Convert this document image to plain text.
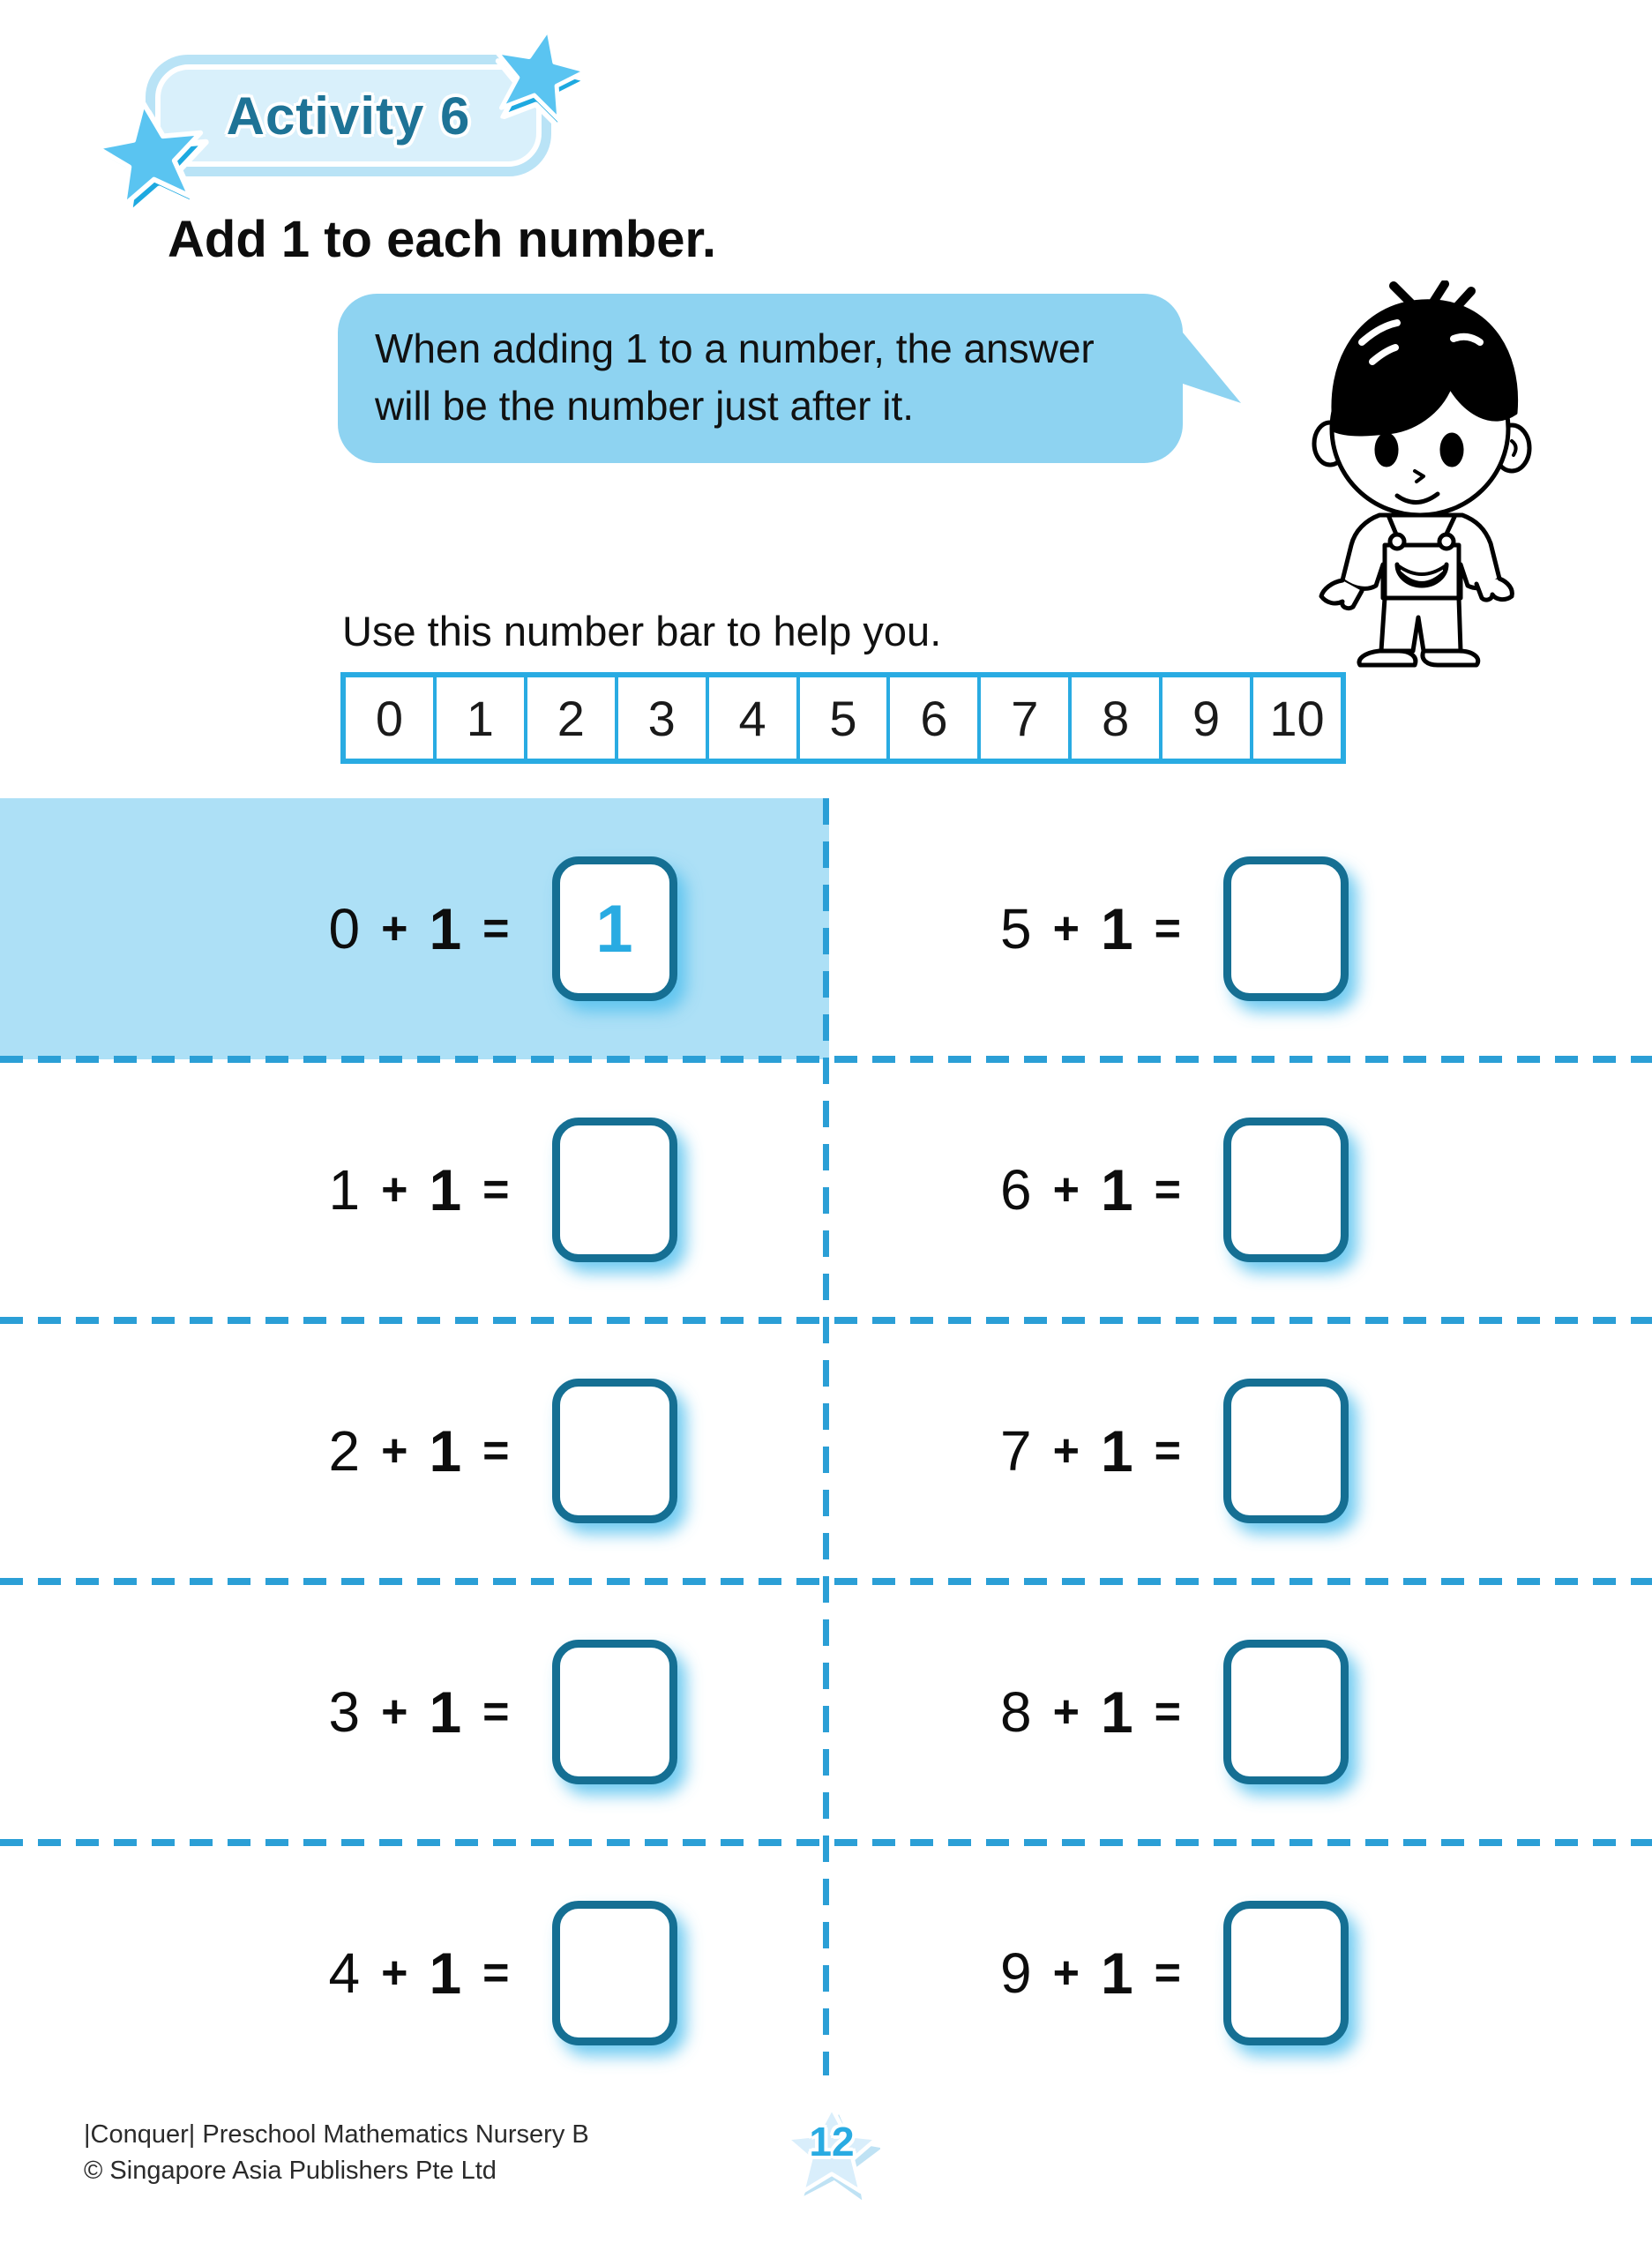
Activity 6
Add 1 to each number.
When adding 1 to a number, the answer
will be the number just after it.
Use this number bar to help you.
0	1	2	3	4	5	6	7	8	9	10
0 + 1 = 1	5 + 1 =
1 + 1 =	6 + 1 =
2 + 1 =	7 + 1 =
3 + 1 =	8 + 1 =
4 + 1 =	9 + 1 =
|Conquer| Preschool Mathematics Nursery B
© Singapore Asia Publishers Pte Ltd
12
